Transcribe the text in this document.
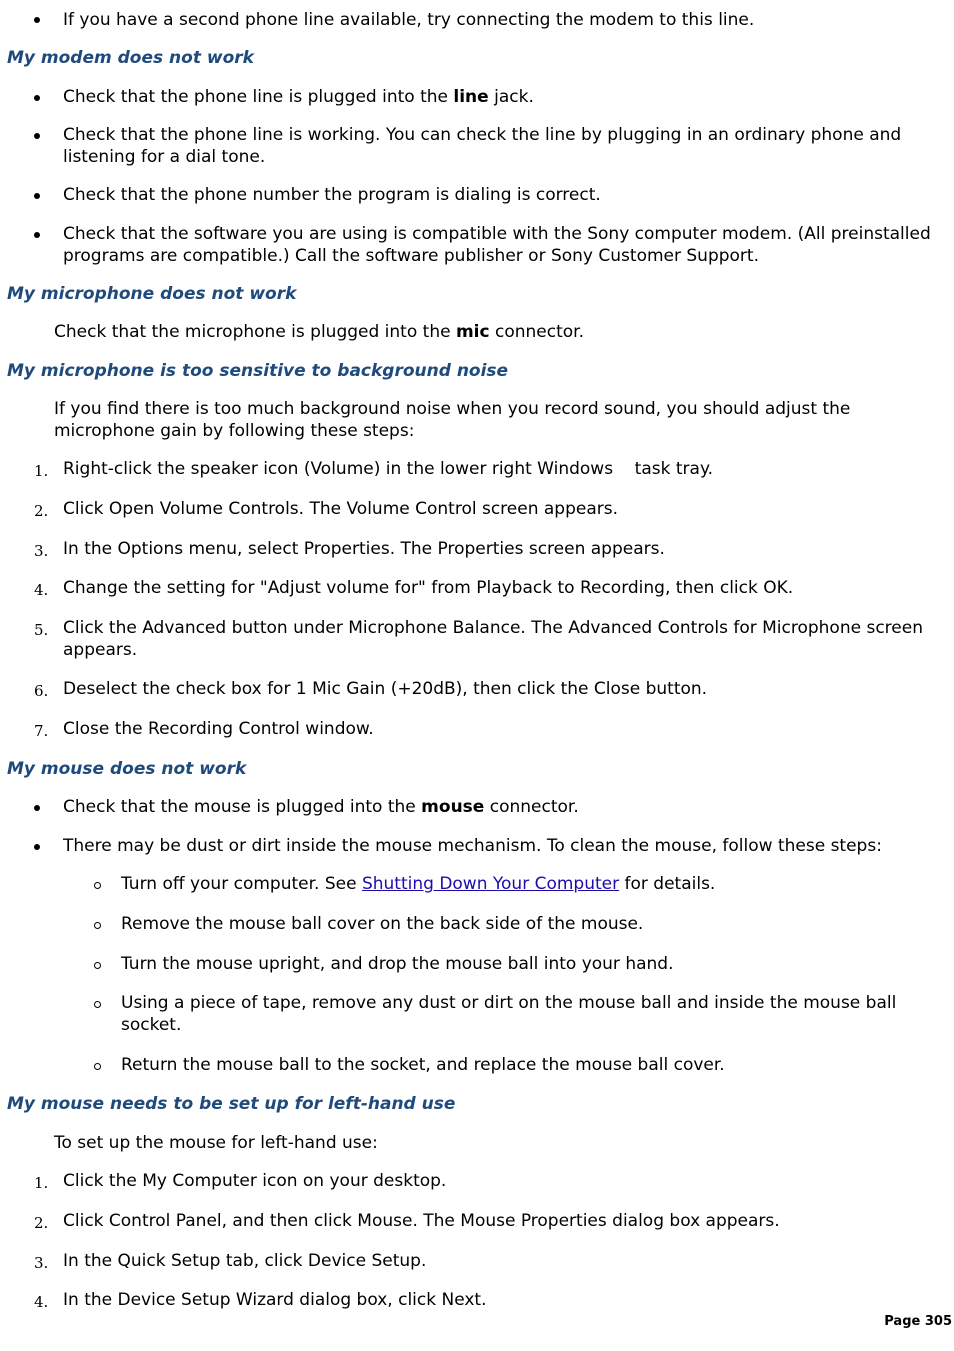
If you have a second phone line available, try connecting the modem to this line.

My modem does not work

Check that the phone line is plugged into the line jack.

Check that the phone line is working. You can check the line by plugging in an ordinary phone and listening for a dial tone.

Check that the phone number the program is dialing is correct.

Check that the software you are using is compatible with the Sony computer modem. (All preinstalled programs are compatible.) Call the software publisher or Sony Customer Support.

My microphone does not work

Check that the microphone is plugged into the mic connector.

My microphone is too sensitive to background noise

If you find there is too much background noise when you record sound, you should adjust the microphone gain by following these steps:

1. Right-click the speaker icon (Volume) in the lower right Windows    task tray.

2. Click Open Volume Controls. The Volume Control screen appears.

3. In the Options menu, select Properties. The Properties screen appears.

4. Change the setting for "Adjust volume for" from Playback to Recording, then click OK.

5. Click the Advanced button under Microphone Balance. The Advanced Controls for Microphone screen appears.

6. Deselect the check box for 1 Mic Gain (+20dB), then click the Close button.

7. Close the Recording Control window.

My mouse does not work

Check that the mouse is plugged into the mouse connector.

There may be dust or dirt inside the mouse mechanism. To clean the mouse, follow these steps:

Turn off your computer. See Shutting Down Your Computer for details.

Remove the mouse ball cover on the back side of the mouse.

Turn the mouse upright, and drop the mouse ball into your hand.

Using a piece of tape, remove any dust or dirt on the mouse ball and inside the mouse ball socket.

Return the mouse ball to the socket, and replace the mouse ball cover.

My mouse needs to be set up for left-hand use

To set up the mouse for left-hand use:

1. Click the My Computer icon on your desktop.

2. Click Control Panel, and then click Mouse. The Mouse Properties dialog box appears.

3. In the Quick Setup tab, click Device Setup.

4. In the Device Setup Wizard dialog box, click Next.

Page 305
